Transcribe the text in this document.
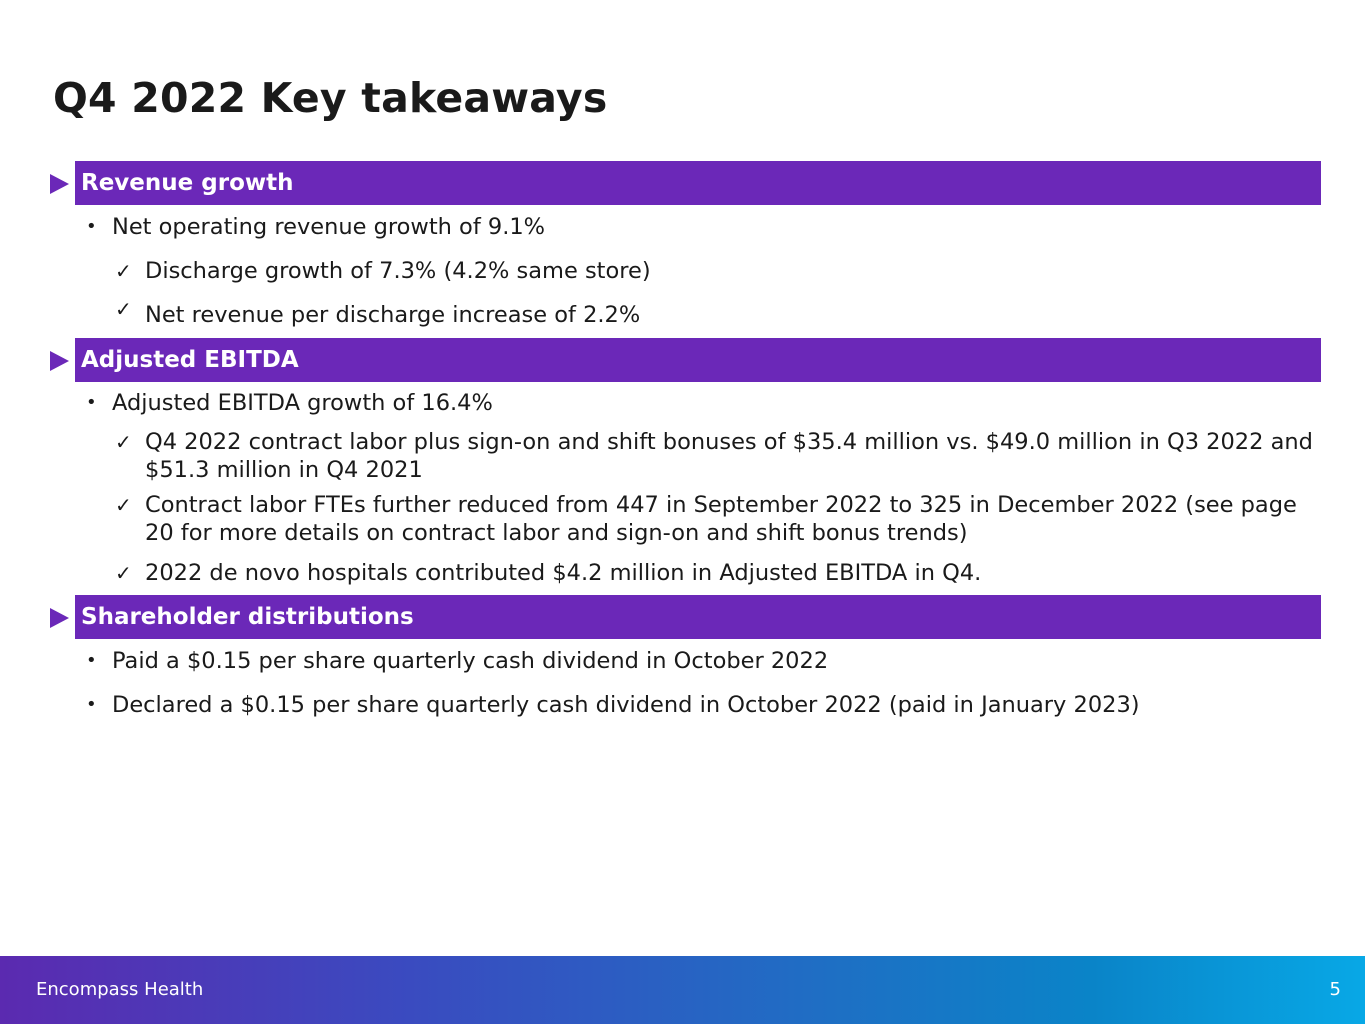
Q4 2022 Key takeaways
Revenue growth
• Net operating revenue growth of 9.1%
✓ Discharge growth of 7.3% (4.2% same store)
✓ Net revenue per discharge increase of 2.2%
Adjusted EBITDA
• Adjusted EBITDA growth of 16.4%
✓ Q4 2022 contract labor plus sign-on and shift bonuses of $35.4 million vs. $49.0 million in Q3 2022 and $51.3 million in Q4 2021
✓ Contract labor FTEs further reduced from 447 in September 2022 to 325 in December 2022 (see page 20 for more details on contract labor and sign-on and shift bonus trends)
✓ 2022 de novo hospitals contributed $4.2 million in Adjusted EBITDA in Q4.
Shareholder distributions
• Paid a $0.15 per share quarterly cash dividend in October 2022
• Declared a $0.15 per share quarterly cash dividend in October 2022 (paid in January 2023)
Encompass Health	5
